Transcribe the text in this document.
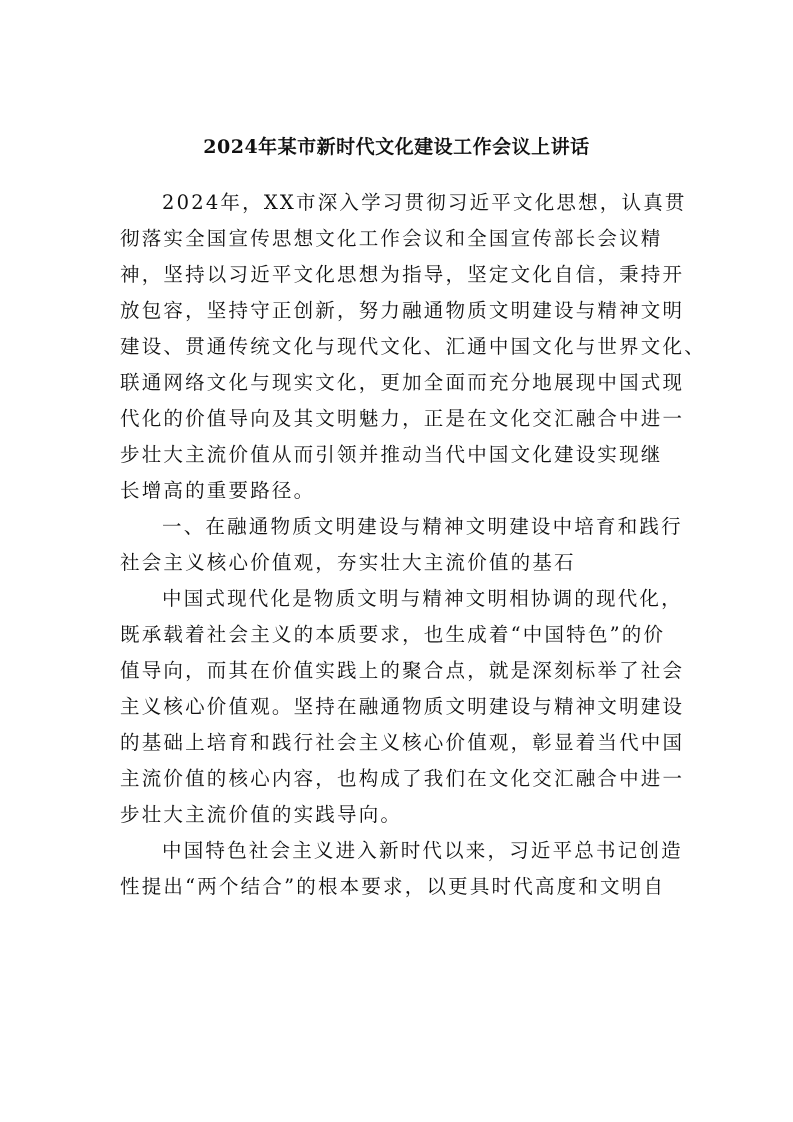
2024年某市新时代文化建设工作会议上讲话

2024年，XX市深入学习贯彻习近平文化思想，认真贯

彻落实全国宣传思想文化工作会议和全国宣传部长会议精

神，坚持以习近平文化思想为指导，坚定文化自信，秉持开

放包容，坚持守正创新，努力融通物质文明建设与精神文明

建设、贯通传统文化与现代文化、汇通中国文化与世界文化、

联通网络文化与现实文化，更加全面而充分地展现中国式现

代化的价值导向及其文明魅力，正是在文化交汇融合中进一

步壮大主流价值从而引领并推动当代中国文化建设实现继

长增高的重要路径。

一、在融通物质文明建设与精神文明建设中培育和践行

社会主义核心价值观，夯实壮大主流价值的基石

中国式现代化是物质文明与精神文明相协调的现代化，

既承载着社会主义的本质要求，也生成着“中国特色”的价

值导向，而其在价值实践上的聚合点，就是深刻标举了社会

主义核心价值观。坚持在融通物质文明建设与精神文明建设

的基础上培育和践行社会主义核心价值观，彰显着当代中国

主流价值的核心内容，也构成了我们在文化交汇融合中进一

步壮大主流价值的实践导向。

中国特色社会主义进入新时代以来，习近平总书记创造

性提出“两个结合”的根本要求，以更具时代高度和文明自
